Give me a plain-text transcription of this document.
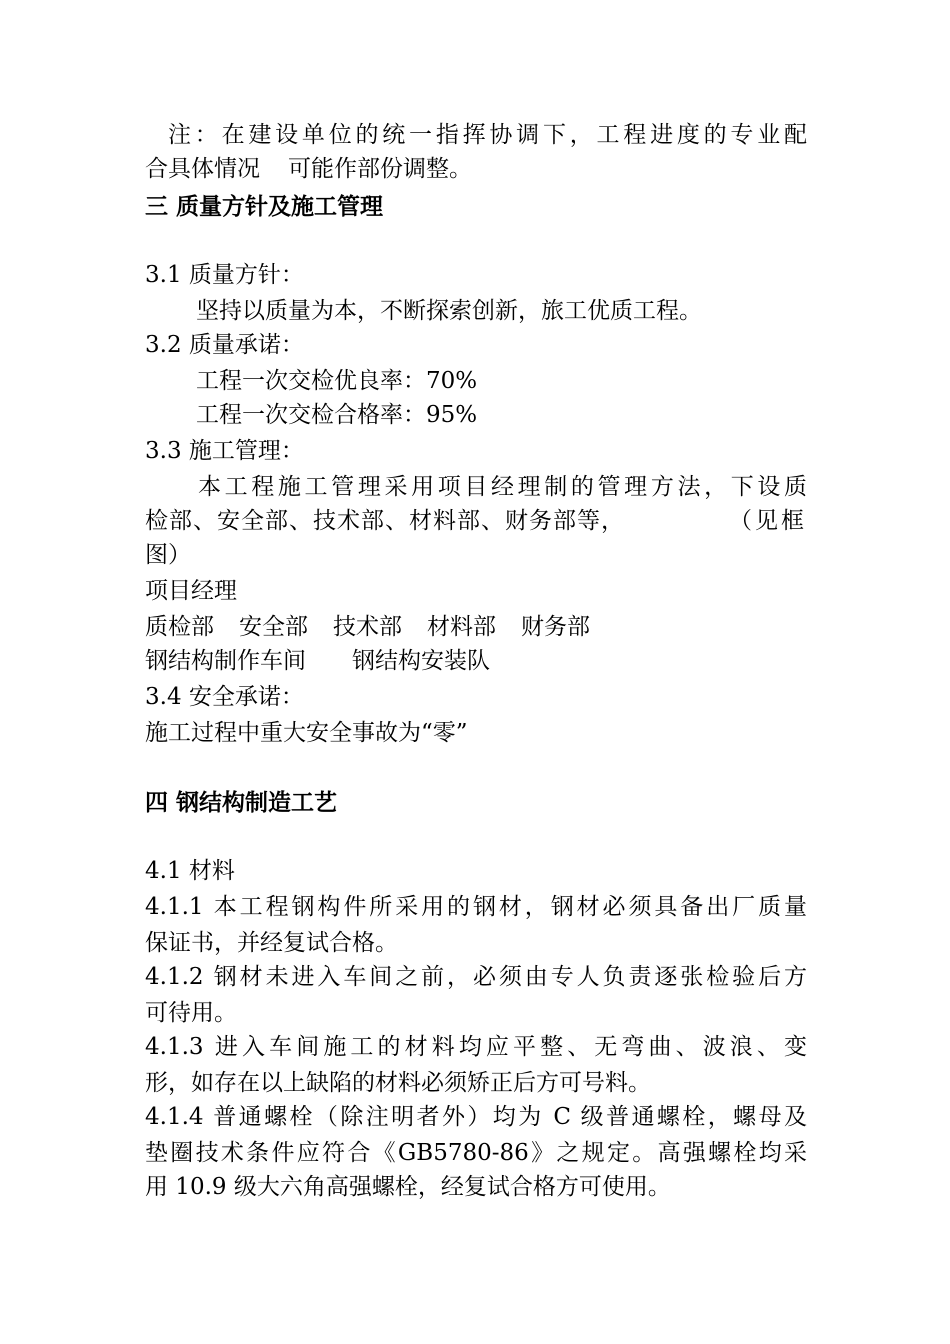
注：在建设单位的统一指挥协调下，工程进度的专业配
合具体情况 可能作部份调整。
三 质量方针及施工管理
3.1 质量方针：
坚持以质量为本，不断探索创新，旅工优质工程。
3.2 质量承诺：
工程一次交检优良率：70%
工程一次交检合格率：95%
3.3 施工管理：
本工程施工管理采用项目经理制的管理方法，下设质
检部、安全部、技术部、材料部、财务部等，	（见框
图）
项目经理
质检部 安全部 技术部 材料部 财务部
钢结构制作车间 钢结构安装队
3.4 安全承诺：
施工过程中重大安全事故为“零”
四 钢结构制造工艺
4.1 材料
4.1.1 本工程钢构件所采用的钢材，钢材必须具备出厂质量
保证书，并经复试合格。
4.1.2 钢材未进入车间之前，必须由专人负责逐张检验后方
可待用。
4.1.3 进入车间施工的材料均应平整、无弯曲、波浪、变
形，如存在以上缺陷的材料必须矫正后方可号料。
4.1.4 普通螺栓（除注明者外）均为 C 级普通螺栓，螺母及
垫圈技术条件应符合《GB5780-86》之规定。高强螺栓均采
用 10.9 级大六角高强螺栓，经复试合格方可使用。
